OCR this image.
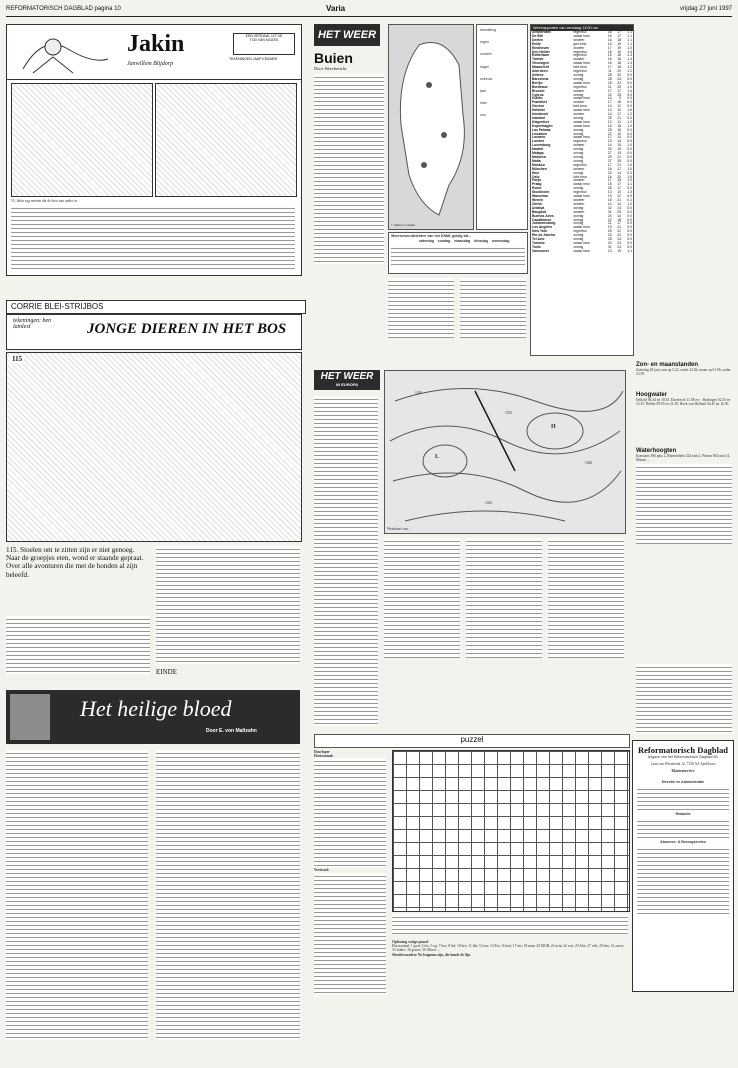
REFORMATORISCH DAGBLAD pagina 10	Varia	vrijdag 27 juni 1997
Jakin
Janwillem Blijdorp
EEN VERHAAL UIT DE
TIJD VAN MOZES
TEKENINGEN JAAP KRAMER
53. Jakin zag meteen dat de boot aan onder in ...
CORRIE BLEI-STRIJBOS
tekeningen: ben lamlest	JONGE DIEREN IN HET BOS
115
115. Stoelen om te zitten zijn er niet genoeg. Naar de groepjes eten, wond er staande gepraat. Over alle avonturen die met de honden al zijn beleefd.
EINDE
Het heilige bloed
Door E. von Maltzahn
HET WEER
Buien
Door Weerbericht
© Meteo Consult
bewolking
regen
onweer
hagel
sneeuw
ijzel
mist
zon
Weersvooruitzichten van het KNMI, geldig tot...
zaterdag zondag maandag dinsdag woensdag
Weerrapporten van vandaag 13:00 uur
Amsterdam	regenbui	16	17	1.1
De Bilt	zwaar bew.	16	17	1.1
Deelen	onweer	16	18	1.1
Eelde	geh.bew.	14	19	1.1
Eindhoven	onweer	17	19	1.0
Den Helder	regenbui	15	19	1.4
Rotterdam	regenbui	15	18	1.4
Twente	onweer	16	18	1.4
Vlissingen	zwaar bew.	15	18	1.3
Maastricht	licht bew.	17	18	1.2
Aberdeen	regenbui	11	20	1.2
Athene	zonnig	28	32	0.0
Barcelona	zonnig	28	24	0.0
Berlijn	zwaar bew.	18	22	0.0
Bordeaux	regenbui	21	25	1.0
Brussel	onweer	17	17	1.4
Cyprus	zonnig	32	25	0.0
Dublin	zwaar bew.	14	9	0.0
Frankfurt	onweer	17	16	0.4
Genève	licht bew.	14	12	0.0
Helsinki	zwaar bew.	13	10	1.6
Innsbruck	onweer	14	17	1.2
Istanbul	zonnig	25	21	0.0
Klagenfurt	zwaar bew.	12	11	1.2
Kopenhagen	zwaar bew.	15	18	1.0
Las Palmas	zonnig	25	16	0.0
Lissabon	zonnig	22	19	0.0
Locarno	zwaar bew.	17	14	0.0
Londen	regenbui	13	14	0.5
Luxemburg	onweer	14	15	1.0
Madrid	zonnig	30	19	0.0
Malaga	zonnig	27	19	0.0
Mallorca	zonnig	29	21	0.0
Malta	zonnig	27	25	0.0
Moskou	regenbui	17	21	1.0
München	onweer	16	17	1.0
Nice	zonnig	24	14	0.0
Oslo	licht bew.	16	20	1.5
Parijs	onweer	17	15	1.0
Praag	zwaar bew.	15	17	1.1
Rome	zonnig	26	17	0.0
Stockholm	regenbui	13	10	1.3
Warschau	zwaar bew.	19	22	0.6
Wenen	onweer	18	21	0.1
Zürich	onweer	14	14	1.0
Antalya	zonnig	32	24	0.0
Bangkok	onweer	31	29	0.0
Buenos Aires	zonnig	20	14	0.0
Casablanca	zonnig	22	18	0.0
Johannesburg	zonnig	21	17	0.0
Los Angeles	zwaar bew.	19	21	0.0
New York	regenbui	25	22	0.0
Rio de Janeiro	zonnig	23	22	0.0
Tel Aviv	zonnig	28	24	0.0
Toronto	zwaar bew.	20	23	0.0
Tunis	zonnig	31	24	0.0
Vancouver	zwaar bew.	13	19	1.1
HET WEER
IN EUROPA
L
H
1010
1015
1020
1025
Weerkaart van ...
Zon- en maanstanden
Zaterdag 28 juni: zon op 5.22, onder 22.02; maan op 01.96, onder 14.59
Hoogwater
Delfzijl 06.34 en 18.35. Dordrecht 11.58 en -. Harlingen 02.55 en 14.35. Helder 09.05 en 21.30. Hoek van Holland 04.45 en 16.50.
Waterhoogten
Konstanz 396 plus 2, Rheinfelden 324 min 2, Plaxen 504 min 14, Maxau ...
puzzel
Doorloper
Horizontaal:
Verticaal:
Oplossing vorige puzzel
Horizontaal: 1 goal; 3 fez; 5 og; 7 hor; 8 bel; 10 kro; 11 lab; 13 zru; 14 Ers; 16 keti; 17 nie; 18 man; 20 MOB; 21 ncia; 22 rots; 25 Abe; 27 crib; 29 den; 31 arren; 33 skikte; 36 grauw; 39 Alkers ...
Sleutelwoorden: No lenguum zijn, die houdt de lijn.
Reformatorisch Dagblad
Uitgave van het Reformatorisch Dagblad BV
Laan van Westenenk 12, 7336 AZ Apeldoorn
Klantenservice
Directie en Administratie
Redactie
Abonnee- & Bezorgservice
